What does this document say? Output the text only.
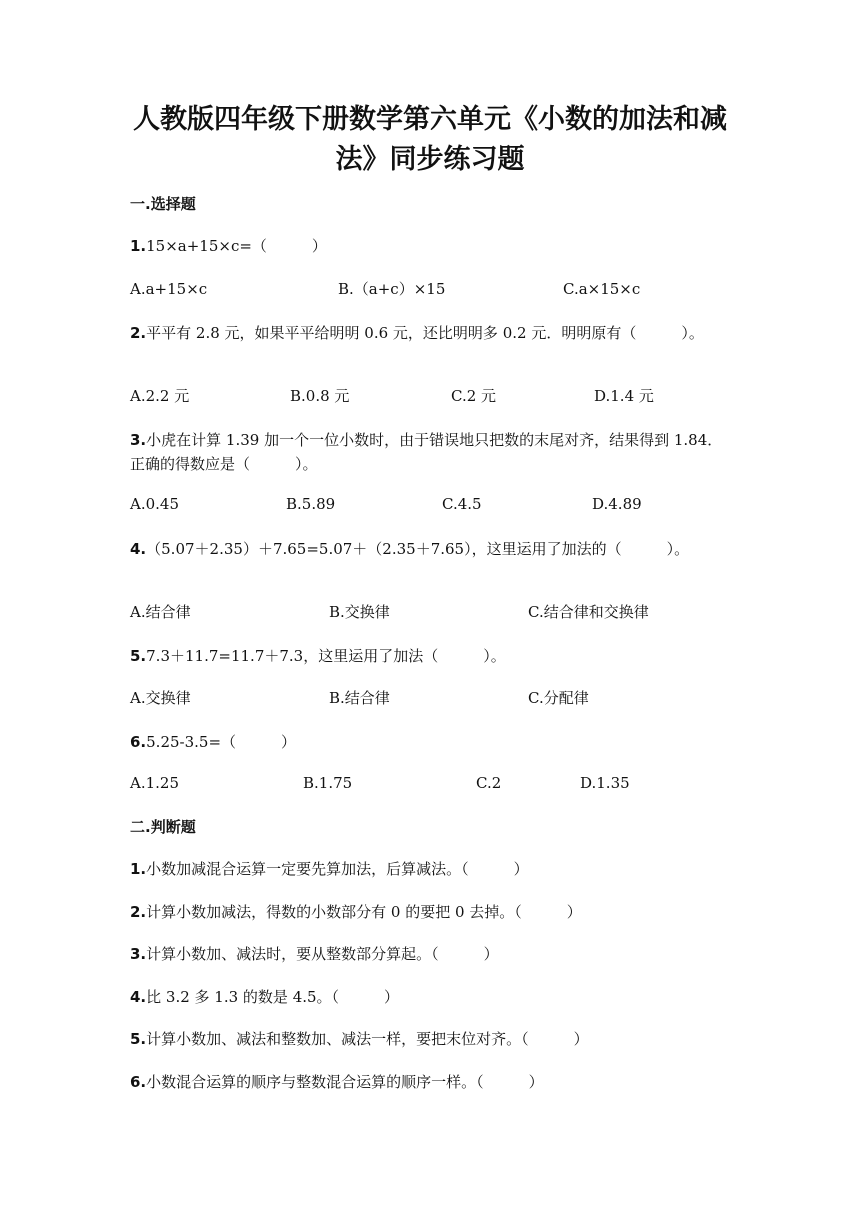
人教版四年级下册数学第六单元《小数的加法和减
法》同步练习题
一.选择题

1.15×a+15×c=（　　　）

A.a+15×c	B.（a+c）×15	C.a×15×c

2.平平有 2.8 元，如果平平给明明 0.6 元，还比明明多 0.2 元．明明原有（　　　）。

A.2.2 元	B.0.8 元	C.2 元	D.1.4 元

3.小虎在计算 1.39 加一个一位小数时，由于错误地只把数的末尾对齐，结果得到 1.84．正确的得数应是（　　　）。

A.0.45	B.5.89	C.4.5	D.4.89

4.（5.07＋2.35）＋7.65=5.07＋（2.35＋7.65），这里运用了加法的（　　　）。

A.结合律	B.交换律	C.结合律和交换律

5.7.3＋11.7=11.7＋7.3，这里运用了加法（　　　）。

A.交换律	B.结合律	C.分配律

6.5.25-3.5=（　　　）

A.1.25	B.1.75	C.2	D.1.35
二.判断题

1.小数加减混合运算一定要先算加法，后算减法。（　　　）

2.计算小数加减法，得数的小数部分有 0 的要把 0 去掉。（　　　）

3.计算小数加、减法时，要从整数部分算起。（　　　）

4.比 3.2 多 1.3 的数是 4.5。（　　　）

5.计算小数加、减法和整数加、减法一样，要把末位对齐。（　　　）

6.小数混合运算的顺序与整数混合运算的顺序一样。（　　　）
